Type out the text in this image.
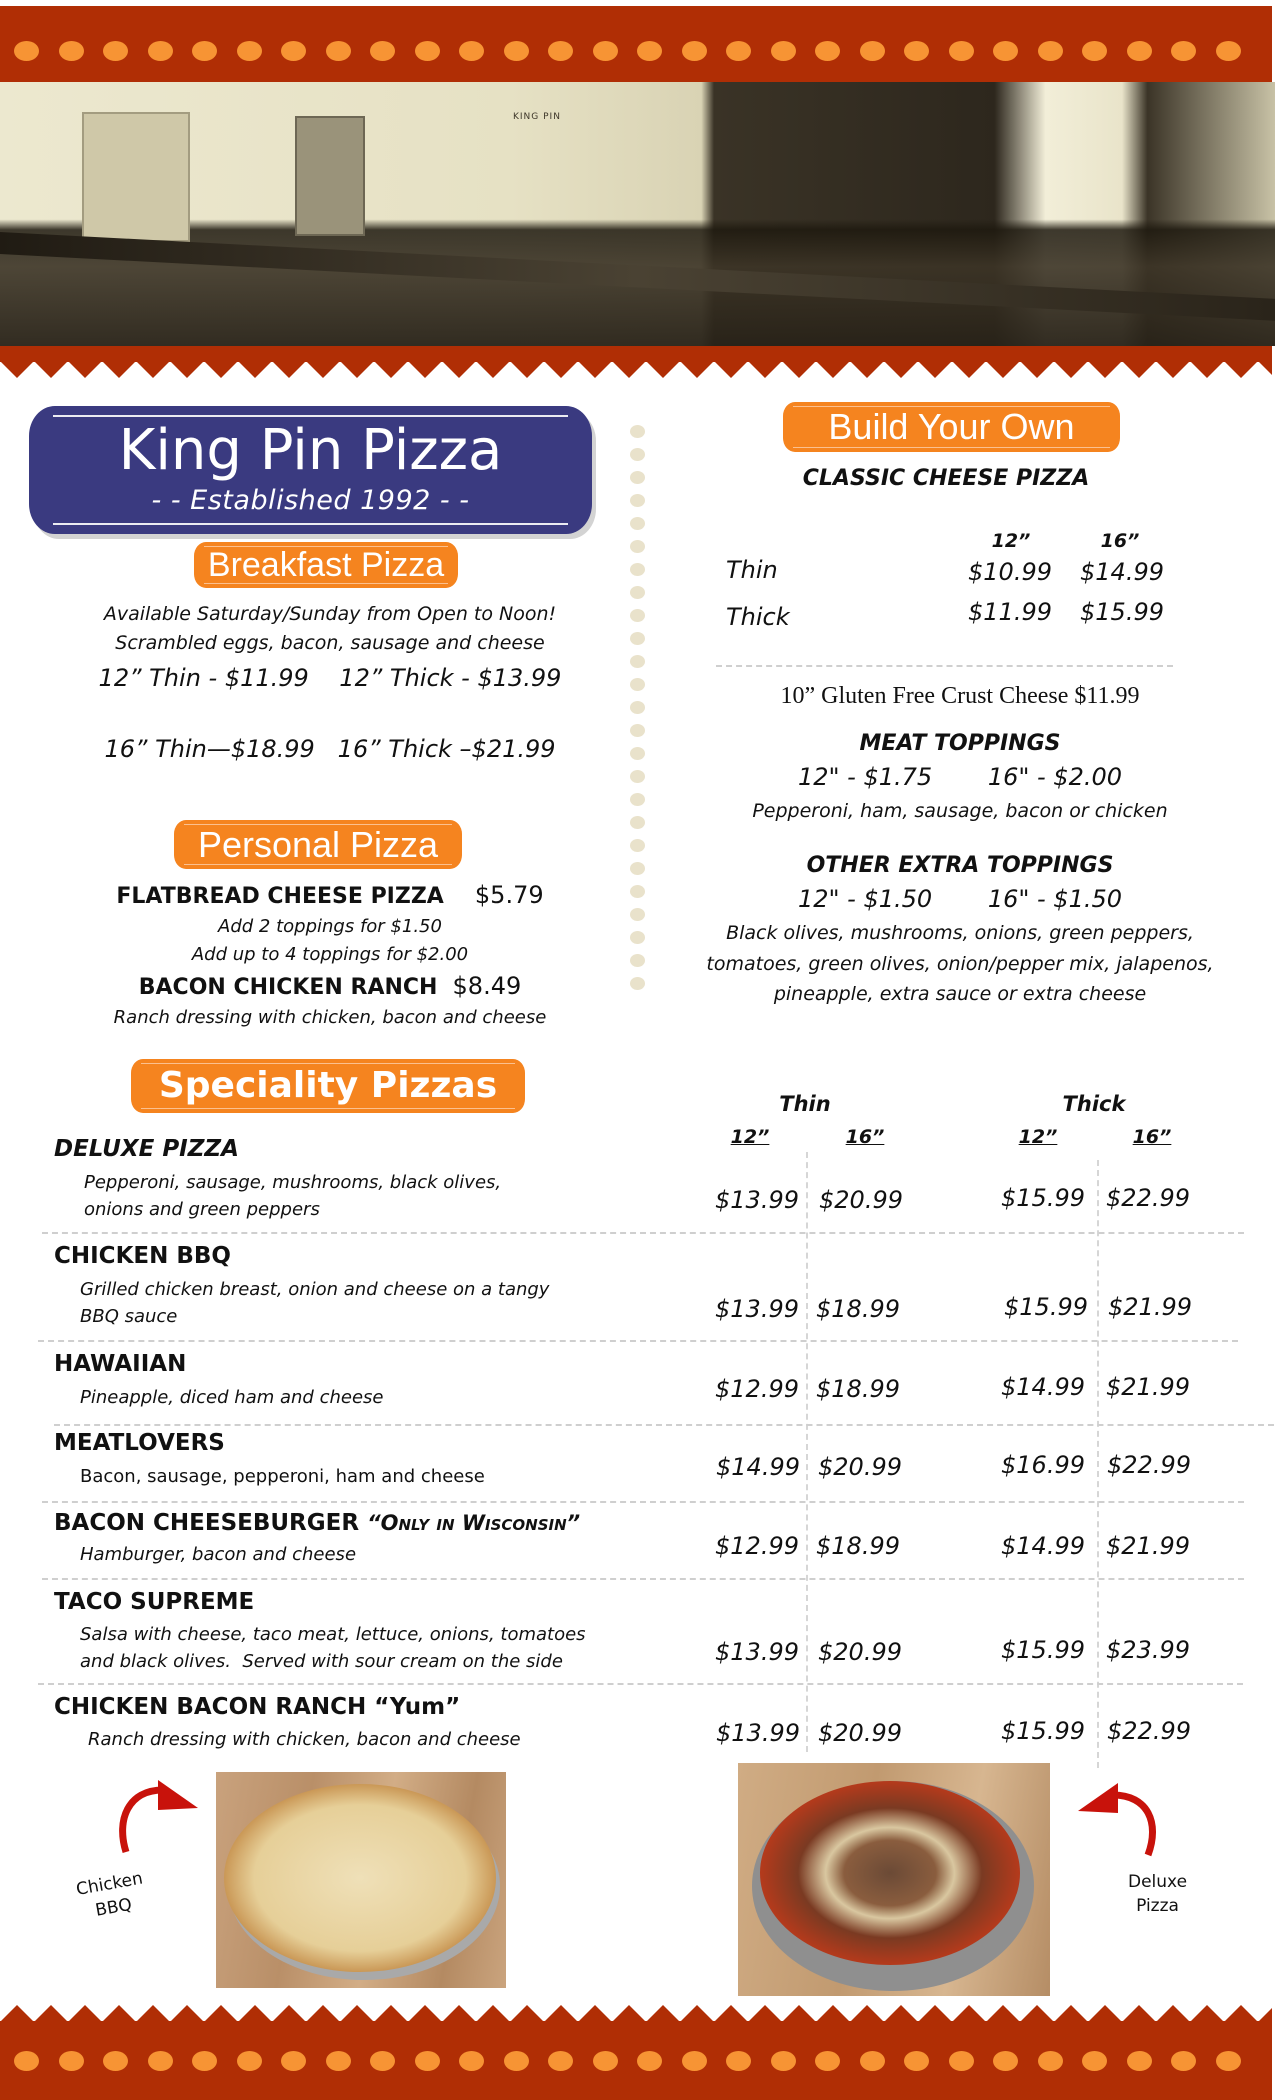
KING PIN
King Pin Pizza
- - Established 1992 - -
Breakfast Pizza
Available Saturday/Sunday from Open to Noon!
Scrambled eggs, bacon, sausage and cheese
12” Thin - $11.99    12” Thick - $13.99
16” Thin—$18.99   16” Thick –$21.99
Personal Pizza
FLATBREAD CHEESE PIZZA $5.79
Add 2 toppings for $1.50
Add up to 4 toppings for $2.00
BACON CHICKEN RANCH $8.49
Ranch dressing with chicken, bacon and cheese
Build Your Own
CLASSIC CHEESE PIZZA
12”	16”
Thin	$10.99 $14.99
Thick	$11.99 $15.99
10” Gluten Free Crust Cheese $11.99
MEAT TOPPINGS
12" - $1.75 16" - $2.00
Pepperoni, ham, sausage, bacon or chicken
OTHER EXTRA TOPPINGS
12" - $1.50 16" - $1.50
Black olives, mushrooms, onions, green peppers,
tomatoes, green olives, onion/pepper mix, jalapenos,
pineapple, extra sauce or extra cheese
Speciality Pizzas	Thin	Thick
12”	16”	12”	16”
DELUXE PIZZA
Pepperoni, sausage, mushrooms, black olives,
onions and green peppers	$13.99 $20.99	$15.99 $22.99
CHICKEN BBQ
Grilled chicken breast, onion and cheese on a tangy
BBQ sauce	$13.99 $18.99	$15.99 $21.99
HAWAIIAN
Pineapple, diced ham and cheese	$12.99 $18.99	$14.99 $21.99
MEATLOVERS
Bacon, sausage, pepperoni, ham and cheese	$14.99 $20.99	$16.99 $22.99
BACON CHEESEBURGER “Only in Wisconsin”
Hamburger, bacon and cheese	$12.99 $18.99	$14.99 $21.99
TACO SUPREME
Salsa with cheese, taco meat, lettuce, onions, tomatoes
and black olives.  Served with sour cream on the side	$13.99 $20.99	$15.99 $23.99
CHICKEN BACON RANCH “Yum”
Ranch dressing with chicken, bacon and cheese	$13.99 $20.99	$15.99 $22.99
Chicken
BBQ
Deluxe
Pizza
